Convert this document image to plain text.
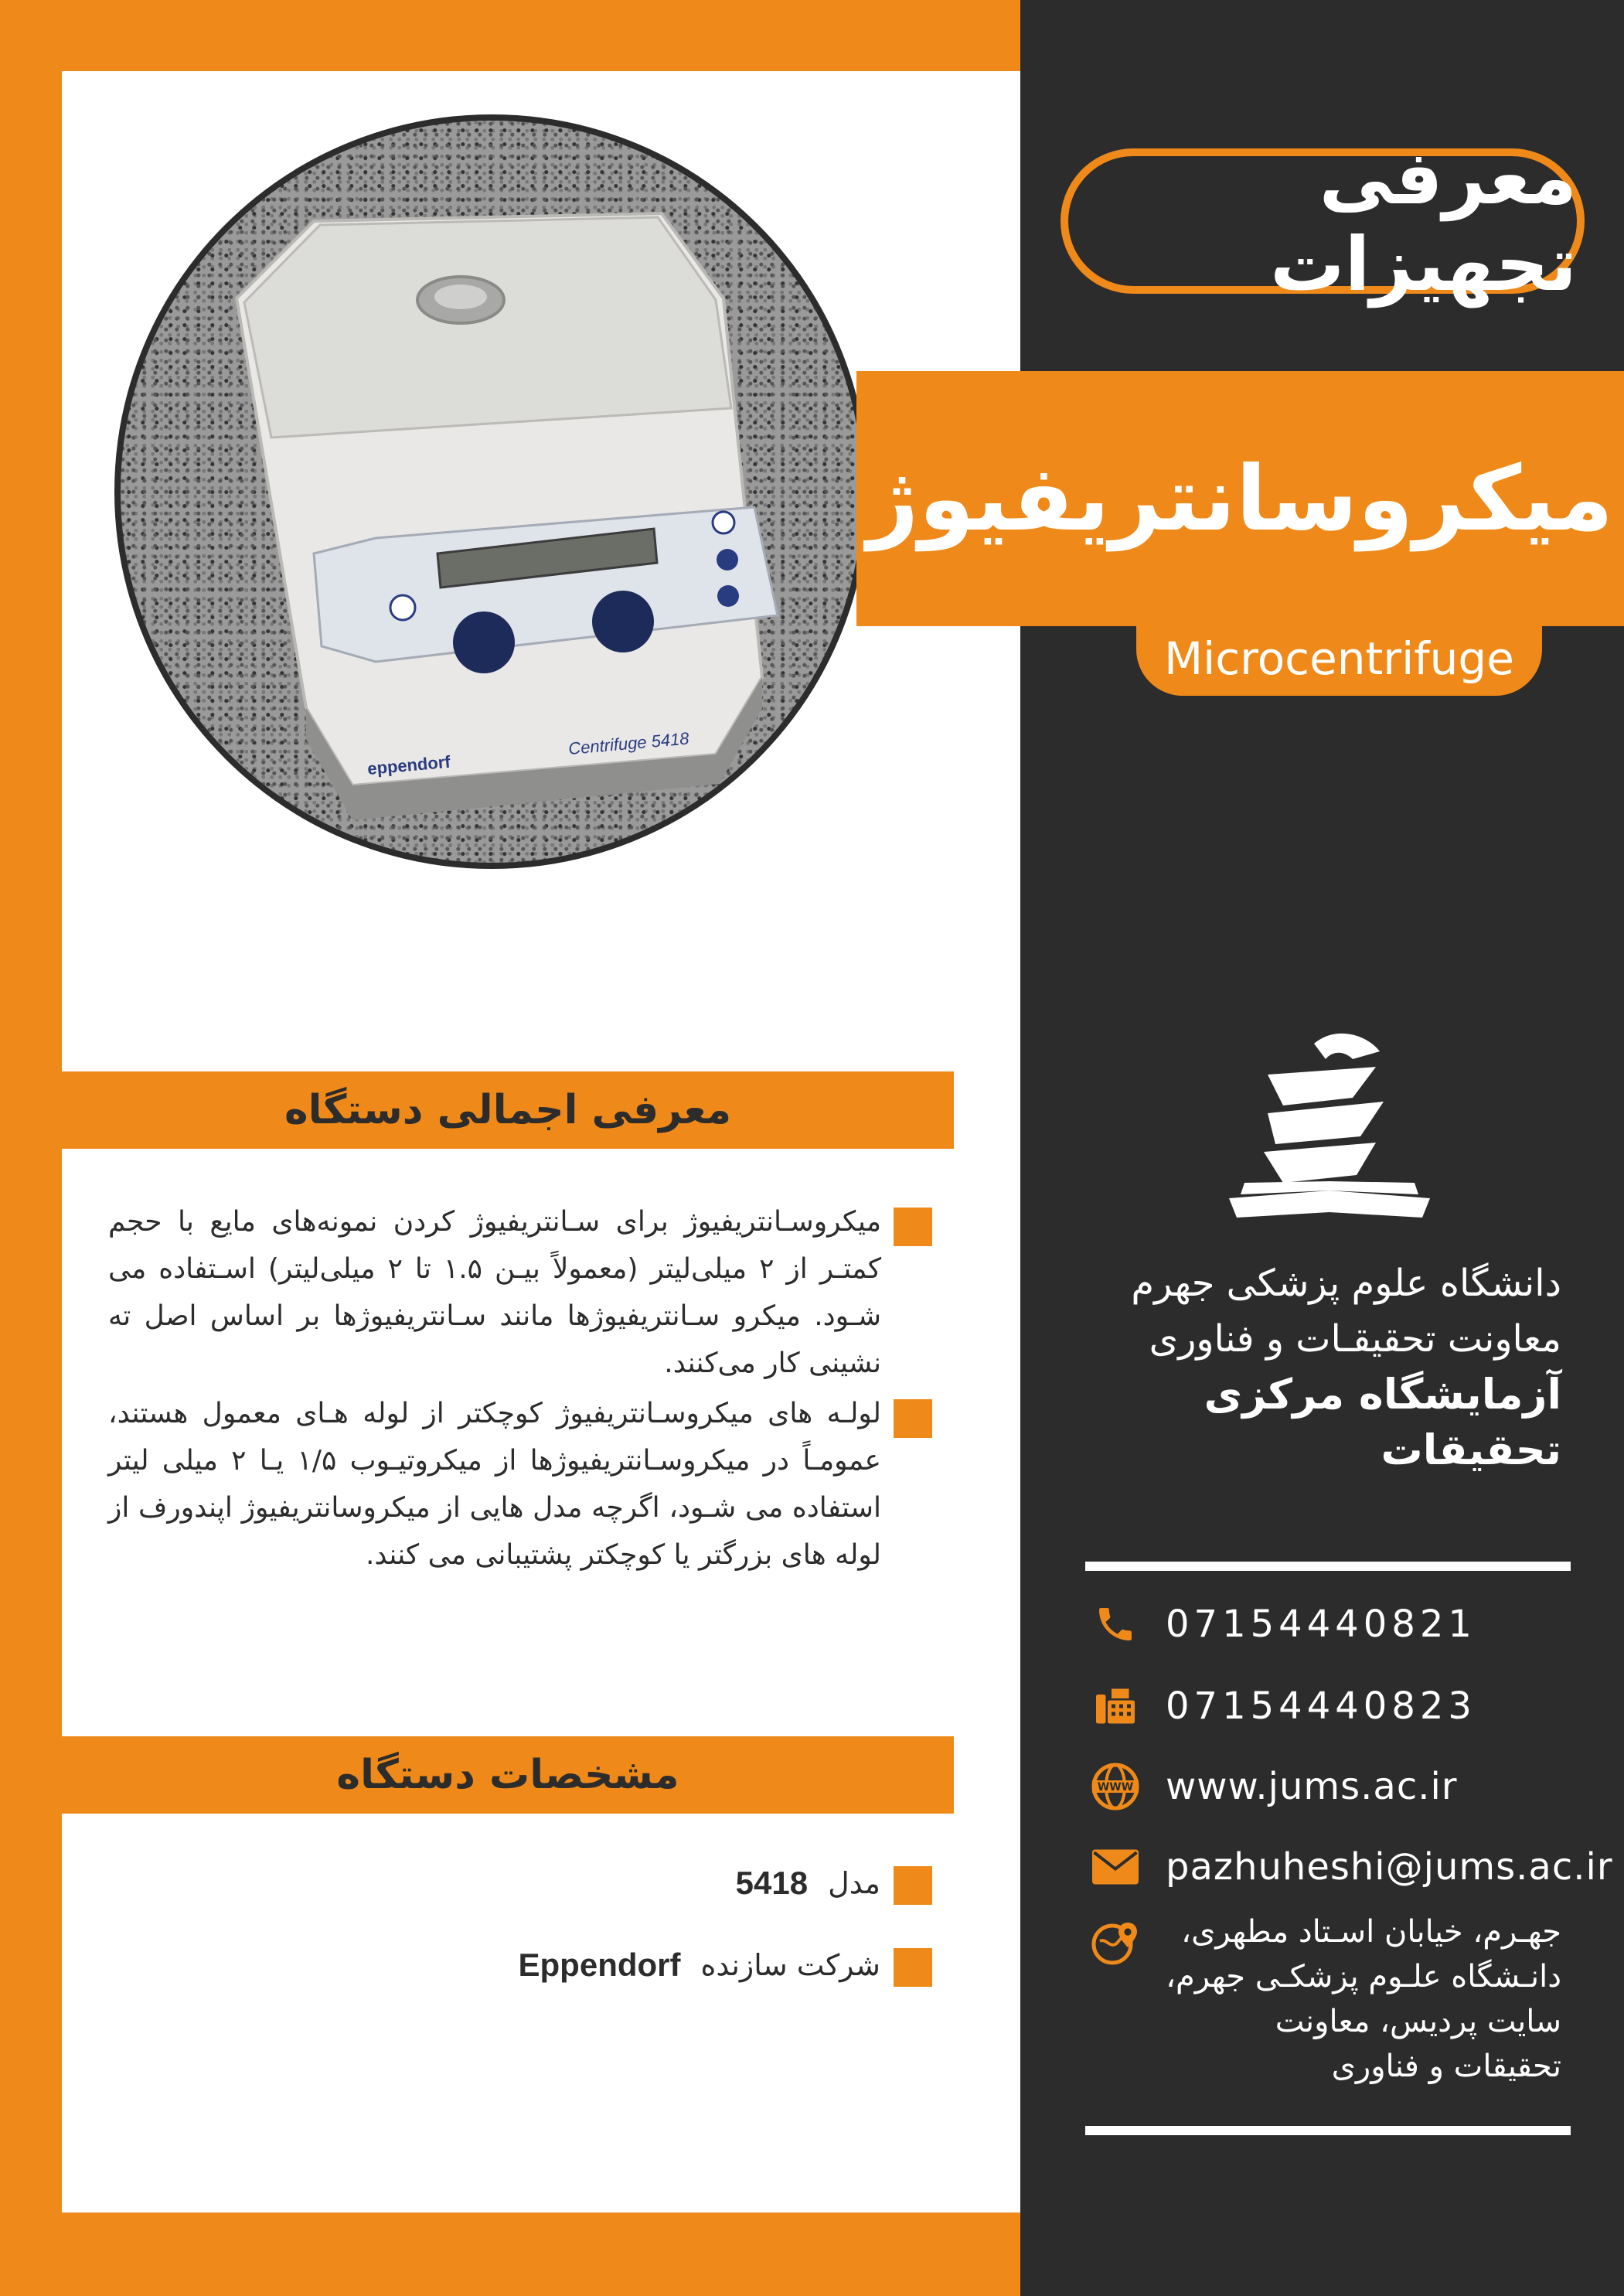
eppendorf
Centrifuge 5418
معرفی تجهیزات
میکروسانتریفیوژ
Microcentrifuge
معرفی اجمالی دستگاه
میکروسـانتریفیوژ برای سـانتریفیوژ کردن نمونه‌های مایع با حجم کمتـر از ۲ میلی‌لیتر (معمولاً بیـن ۱.۵ تا ۲ میلی‌لیتر) اسـتفاده می شـود. میکرو سـانتریفیوژها مانند سـانتریفیوژها بر اساس اصل ته نشینی کار می‌کنند.
لولـه های میکروسـانتریفیوژ کوچکتر از لوله هـای معمول هستند، عمومـاً در میکروسـانتریفیوژها از میکروتیـوب ۱/۵ یـا ۲ میلی لیتر استفاده می شـود، اگرچه مدل هایی از میکروسانتریفیوژ اپندورف از لوله های بزرگتر یا کوچکتر پشتیبانی می کنند.
مشخصات دستگاه
مدل
5418
شرکت سازنده
Eppendorf
دانشگاه علوم پزشکی جهرم
معاونت تحقیقـات و فناوری
آزمایشگاه مرکزی تحقیقات
07154440821
07154440823
WWW www.jums.ac.ir
pazhuheshi@jums.ac.ir
جهـرم، خیابان اسـتاد مطهری، دانـشگاه علـوم پزشکـی جهرم، سایت پردیس، معاونت تحقیقات و فناوری
